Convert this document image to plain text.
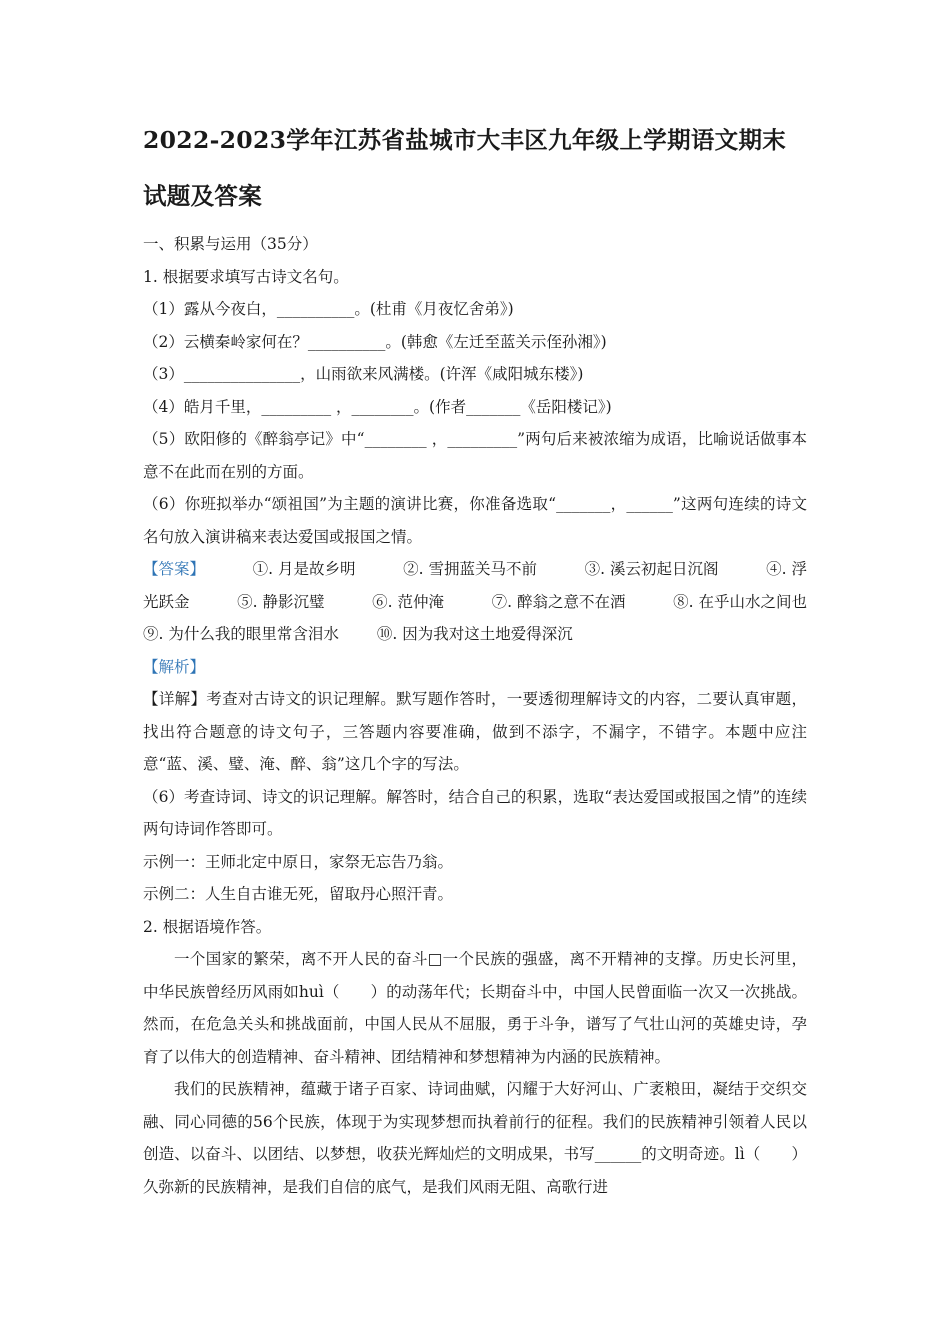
2022-2023学年江苏省盐城市大丰区九年级上学期语文期末
试题及答案

一、积累与运用（35分）

1. 根据要求填写古诗文名句。

（1）露从今夜白，__________。(杜甫《月夜忆舍弟》)

（2）云横秦岭家何在？__________。(韩愈《左迁至蓝关示侄孙湘》)

（3）_______________，山雨欲来风满楼。(许浑《咸阳城东楼》)

（4）皓月千里，_________ ，________。(作者_______《岳阳楼记》)

（5）欧阳修的《醉翁亭记》中“________ ，_________”两句后来被浓缩为成语，比喻说话做事本意不在此而在别的方面。

（6）你班拟举办“颂祖国”为主题的演讲比赛，你准备选取“_______，______”这两句连续的诗文名句放入演讲稿来表达爱国或报国之情。

【答案】	①. 月是故乡明	②. 雪拥蓝关马不前	③. 溪云初起日沉阁	④. 浮
光跃金	⑤. 静影沉璧	⑥. 范仲淹	⑦. 醉翁之意不在酒	⑧. 在乎山水之间也
⑨. 为什么我的眼里常含泪水 ⑩. 因为我对这土地爱得深沉

【解析】

【详解】考查对古诗文的识记理解。默写题作答时，一要透彻理解诗文的内容，二要认真审题，找出符合题意的诗文句子，三答题内容要准确，做到不添字，不漏字，不错字。本题中应注意“蓝、溪、璧、淹、醉、翁”这几个字的写法。

（6）考查诗词、诗文的识记理解。解答时，结合自己的积累，选取“表达爱国或报国之情”的连续两句诗词作答即可。

示例一：王师北定中原日，家祭无忘告乃翁。

示例二：人生自古谁无死，留取丹心照汗青。

2. 根据语境作答。

一个国家的繁荣，离不开人民的奋斗□一个民族的强盛，离不开精神的支撑。历史长河里，中华民族曾经历风雨如huì（　　）的动荡年代；长期奋斗中，中国人民曾面临一次又一次挑战。然而，在危急关头和挑战面前，中国人民从不屈服，勇于斗争，谱写了气壮山河的英雄史诗，孕育了以伟大的创造精神、奋斗精神、团结精神和梦想精神为内涵的民族精神。

我们的民族精神，蕴藏于诸子百家、诗词曲赋，闪耀于大好河山、广袤粮田，凝结于交织交融、同心同德的56个民族，体现于为实现梦想而执着前行的征程。我们的民族精神引领着人民以创造、以奋斗、以团结、以梦想，收获光辉灿烂的文明成果，书写______的文明奇迹。lì（　　）久弥新的民族精神，是我们自信的底气，是我们风雨无阻、高歌行进
